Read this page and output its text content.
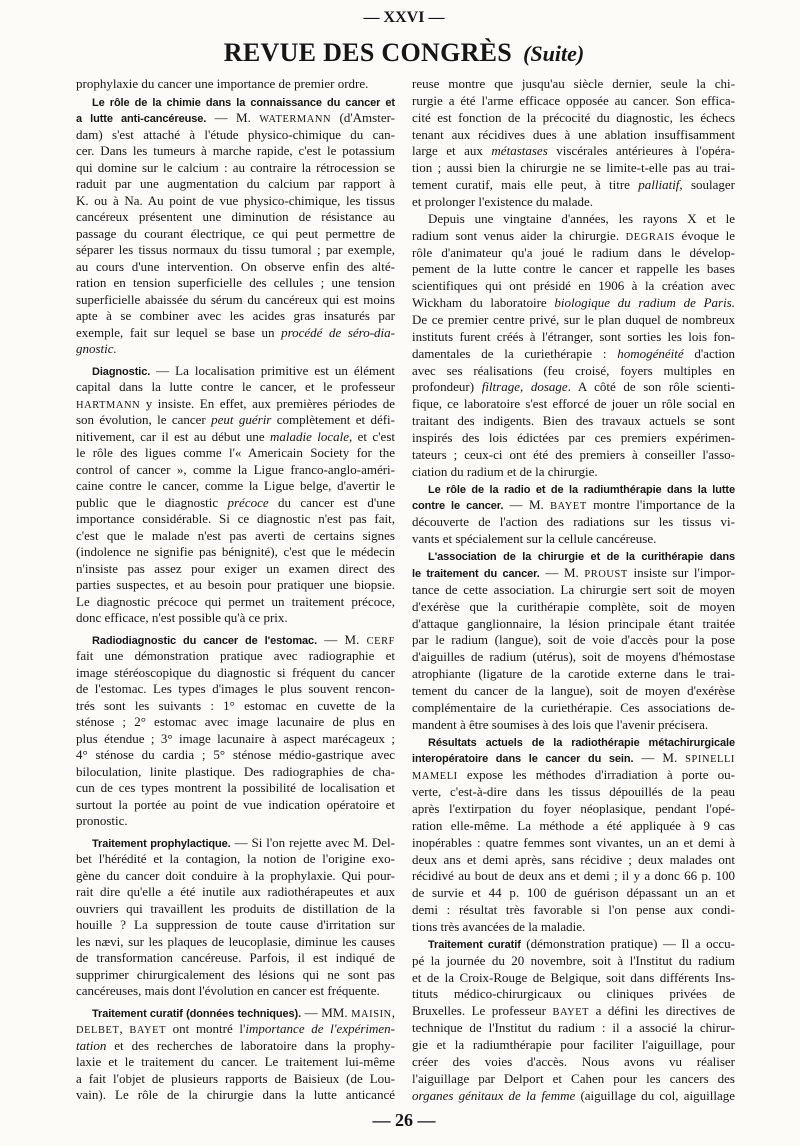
— XXVI —
REVUE DES CONGRÈS (Suite)
prophylaxie du cancer une importance de premier ordre.
Le rôle de la chimie dans la connaissance du cancer et
a lutte anti-cancéreuse. — M. WATERMANN (d'Amster-
dam) s'est attaché à l'étude physico-chimique du can-
cer. Dans les tumeurs à marche rapide, c'est le potassium
qui domine sur le calcium : au contraire la rétrocession se
raduit par une augmentation du calcium par rapport à
K. ou à Na. Au point de vue physico-chimique, les tissus
cancéreux présentent une diminution de résistance au
passage du courant électrique, ce qui peut permettre de
séparer les tissus normaux du tissu tumoral ; par exemple,
au cours d'une intervention. On observe enfin des alté-
ration en tension superficielle des cellules ; une tension
superficielle abaissée du sérum du cancéreux qui est moins
apte à se combiner avec les acides gras insaturés par
exemple, fait sur lequel se base un procédé de séro-dia-
gnostic.
Diagnostic. — La localisation primitive est un élément
capital dans la lutte contre le cancer, et le professeur
HARTMANN y insiste. En effet, aux premières périodes de
son évolution, le cancer peut guérir complètement et défi-
nitivement, car il est au début une maladie locale, et c'est
le rôle des ligues comme l'« Americain Society for the
control of cancer », comme la Ligue franco-anglo-améri-
caine contre le cancer, comme la Ligue belge, d'avertir le
public que le diagnostic précoce du cancer est d'une
importance considérable. Si ce diagnostic n'est pas fait,
c'est que le malade n'est pas averti de certains signes
(indolence ne signifie pas bénignité), c'est que le médecin
n'insiste pas assez pour exiger un examen direct des
parties suspectes, et au besoin pour pratiquer une biopsie.
Le diagnostic précoce qui permet un traitement précoce,
donc efficace, n'est possible qu'à ce prix.
Radiodiagnostic du cancer de l'estomac. — M. CERF
fait une démonstration pratique avec radiographie et
image stéréoscopique du diagnostic si fréquent du cancer
de l'estomac. Les types d'images le plus souvent rencon-
trés sont les suivants : 1° estomac en cuvette de la
sténose ; 2° estomac avec image lacunaire de plus en
plus étendue ; 3° image lacunaire à aspect marécageux ;
4° sténose du cardia ; 5° sténose médio-gastrique avec
biloculation, linite plastique. Des radiographies de cha-
cun de ces types montrent la possibilité de localisation et
surtout la portée au point de vue indication opératoire et
pronostic.
Traitement prophylactique. — Si l'on rejette avec M. Del-
bet l'hérédité et la contagion, la notion de l'origine exo-
gène du cancer doit conduire à la prophylaxie. Qui pour-
rait dire qu'elle a été inutile aux radiothérapeutes et aux
ouvriers qui travaillent les produits de distillation de la
houille ? La suppression de toute cause d'irritation sur
les nævi, sur les plaques de leucoplasie, diminue les causes
de transformation cancéreuse. Parfois, il est indiqué de
supprimer chirurgicalement des lésions qui ne sont pas
cancéreuses, mais dont l'évolution en cancer est fréquente.
Traitement curatif (données techniques). — MM. MAISIN,
DELBET, BAYET ont montré l'importance de l'expérimen-
tation et des recherches de laboratoire dans la prophy-
laxie et le traitement du cancer. Le traitement lui-même
a fait l'objet de plusieurs rapports de Baisieux (de Lou-
vain). Le rôle de la chirurgie dans la lutte anticancé
reuse montre que jusqu'au siècle dernier, seule la chi-
rurgie a été l'arme efficace opposée au cancer. Son effica-
cité est fonction de la précocité du diagnostic, les échecs
tenant aux récidives dues à une ablation insuffisamment
large et aux métastases viscérales antérieures à l'opéra-
tion ; aussi bien la chirurgie ne se limite-t-elle pas au trai-
tement curatif, mais elle peut, à titre palliatif, soulager
et prolonger l'existence du malade.
Depuis une vingtaine d'années, les rayons X et le
radium sont venus aider la chirurgie. DEGRAIS évoque le
rôle d'animateur qu'a joué le radium dans le dévelop-
pement de la lutte contre le cancer et rappelle les bases
scientifiques qui ont présidé en 1906 à la création avec
Wickham du laboratoire biologique du radium de Paris.
De ce premier centre privé, sur le plan duquel de nombreux
instituts furent créés à l'étranger, sont sorties les lois fon-
damentales de la curiethérapie : homogénéité d'action
avec ses réalisations (feu croisé, foyers multiples en
profondeur) filtrage, dosage. A côté de son rôle scienti-
fique, ce laboratoire s'est efforcé de jouer un rôle social en
traitant des indigents. Bien des travaux actuels se sont
inspirés des lois édictées par ces premiers expérimen-
tateurs ; ceux-ci ont été des premiers à conseiller l'asso-
ciation du radium et de la chirurgie.
Le rôle de la radio et de la radiumthérapie dans la lutte
contre le cancer. — M. BAYET montre l'importance de la
découverte de l'action des radiations sur les tissus vi-
vants et spécialement sur la cellule cancéreuse.
L'association de la chirurgie et de la curithérapie dans
le traitement du cancer. — M. PROUST insiste sur l'impor-
tance de cette association. La chirurgie sert soit de moyen
d'exérèse que la curithérapie complète, soit de moyen
d'attaque ganglionnaire, la lésion principale étant traitée
par le radium (langue), soit de voie d'accès pour la pose
d'aiguilles de radium (utérus), soit de moyens d'hémostase
atrophiante (ligature de la carotide externe dans le trai-
tement du cancer de la langue), soit de moyen d'exérèse
complémentaire de la curiethérapie. Ces associations de-
mandent à être soumises à des lois que l'avenir précisera.
Résultats actuels de la radiothérapie métachirurgicale
interopératoire dans le cancer du sein. — M. SPINELLI
MAMELI expose les méthodes d'irradiation à porte ou-
verte, c'est-à-dire dans les tissus dépouillés de la peau
après l'extirpation du foyer néoplasique, pendant l'opé-
ration elle-même. La méthode a été appliquée à 9 cas
inopérables : quatre femmes sont vivantes, un an et demi à
deux ans et demi après, sans récidive ; deux malades ont
récidivé au bout de deux ans et demi ; il y a donc 66 p. 100
de survie et 44 p. 100 de guérison dépassant un an et
demi : résultat très favorable si l'on pense aux condi-
tions très avancées de la maladie.
Traitement curatif (démonstration pratique) — Il a occu-
pé la journée du 20 novembre, soit à l'Institut du radium
et de la Croix-Rouge de Belgique, soit dans différents Ins-
tituts médico-chirurgicaux ou cliniques privées de
Bruxelles. Le professeur BAYET a défini les directives de
technique de l'Institut du radium : il a associé la chirur-
gie et la radiumthérapie pour faciliter l'aiguillage, pour
créer des voies d'accès. Nous avons vu réaliser
l'aiguillage par Delport et Cahen pour les cancers des
organes génitaux de la femme (aiguillage du col, aiguillage
— 26 —
